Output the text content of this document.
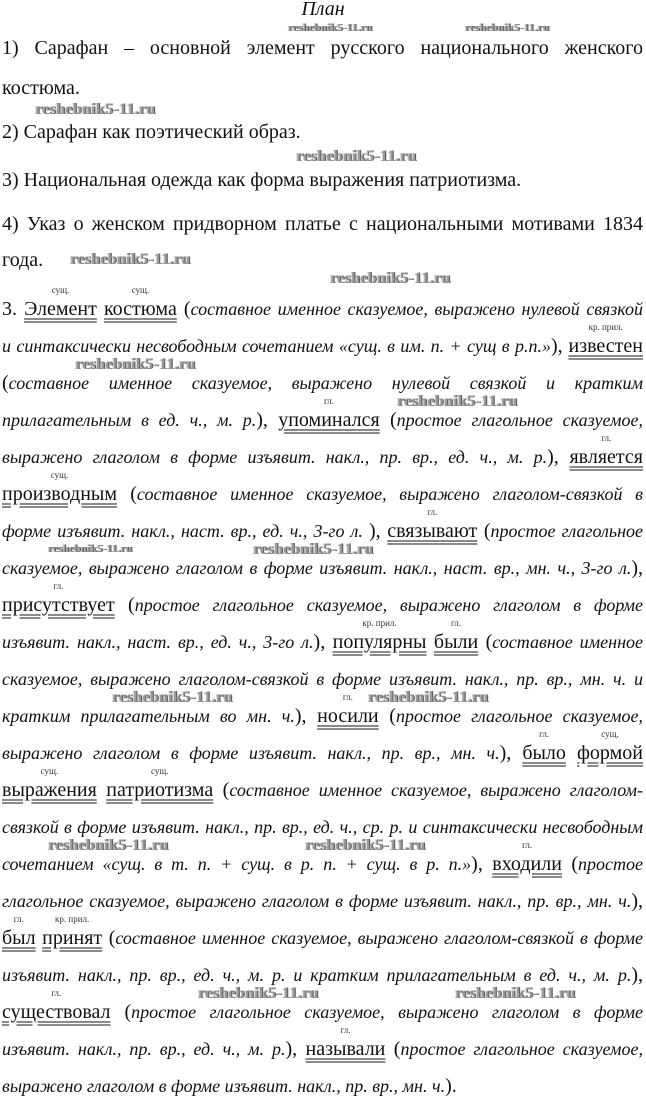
План
1) Сарафан – основной элемент русского национального женского
костюма.
2) Сарафан как поэтический образ.
3) Национальная одежда как форма выражения патриотизма.
4) Указ о женском придворном платье с национальными мотивами 1834
года.
3.
сущ.
Элемент
сущ.
костюма (составное именное сказуемое, выражено нулевой связкой
и синтаксически несвободным сочетанием «сущ. в им. п. + сущ в р.п.»),
кр. прил.
известен
(составное именное сказуемое, выражено нулевой связкой и кратким
прилагательным в ед. ч., м. р.),
гл.
упоминался (простое глагольное сказуемое,
выражено глаголом в форме изъявит. накл., пр. вр., ед. ч., м. р.),
гл.
является
сущ.
производным (составное именное сказуемое, выражено глаголом-связкой в
форме изъявит. накл., наст. вр., ед. ч., 3-го л. ),
гл.
связывают (простое глагольное
сказуемое, выражено глаголом в форме изъявит. накл., наст. вр., мн. ч., 3-го л.),
гл.
присутствует (простое глагольное сказуемое, выражено глаголом в форме
изъявит. накл., наст. вр., ед. ч., 3-го л.),
кр. прил.
популярны
гл.
были (составное именное
сказуемое, выражено глаголом-связкой в форме изъявит. накл., пр. вр., мн. ч. и
кратким прилагательным во мн. ч.),
гл.
носили (простое глагольное сказуемое,
выражено глаголом в форме изъявит. накл., пр. вр., мн. ч.),
гл.
было
сущ.
формой
сущ.
выражения
сущ.
патриотизма (составное именное сказуемое, выражено глаголом-
связкой в форме изъявит. накл., пр. вр., ед. ч., ср. р. и синтаксически несвободным
сочетанием «сущ. в т. п. + сущ. в р. п. + сущ. в р. п.»),
гл.
входили (простое
глагольное сказуемое, выражено глаголом в форме изъявит. накл., пр. вр., мн. ч.),
гл.
был
кр. прил.
принят (составное именное сказуемое, выражено глаголом-связкой в форме
изъявит. накл., пр. вр., ед. ч., м. р. и кратким прилагательным в ед. ч., м. р.),
гл.
существовал (простое глагольное сказуемое, выражено глаголом в форме
изъявит. накл., пр. вр., ед. ч., м. р.),
гл.
называли (простое глагольное сказуемое,
выражено глаголом в форме изъявит. накл., пр. вр., мн. ч.).
reshebnik5-11.ru	reshebnik5-11.ru
reshebnik5-11.ru
reshebnik5-11.ru
reshebnik5-11.ru
reshebnik5-11.ru
reshebnik5-11.ru
reshebnik5-11.ru
reshebnik5-11.ru	reshebnik5-11.ru
reshebnik5-11.ru	reshebnik5-11.ru
reshebnik5-11.ru	reshebnik5-11.ru
reshebnik5-11.ru	reshebnik5-11.ru
